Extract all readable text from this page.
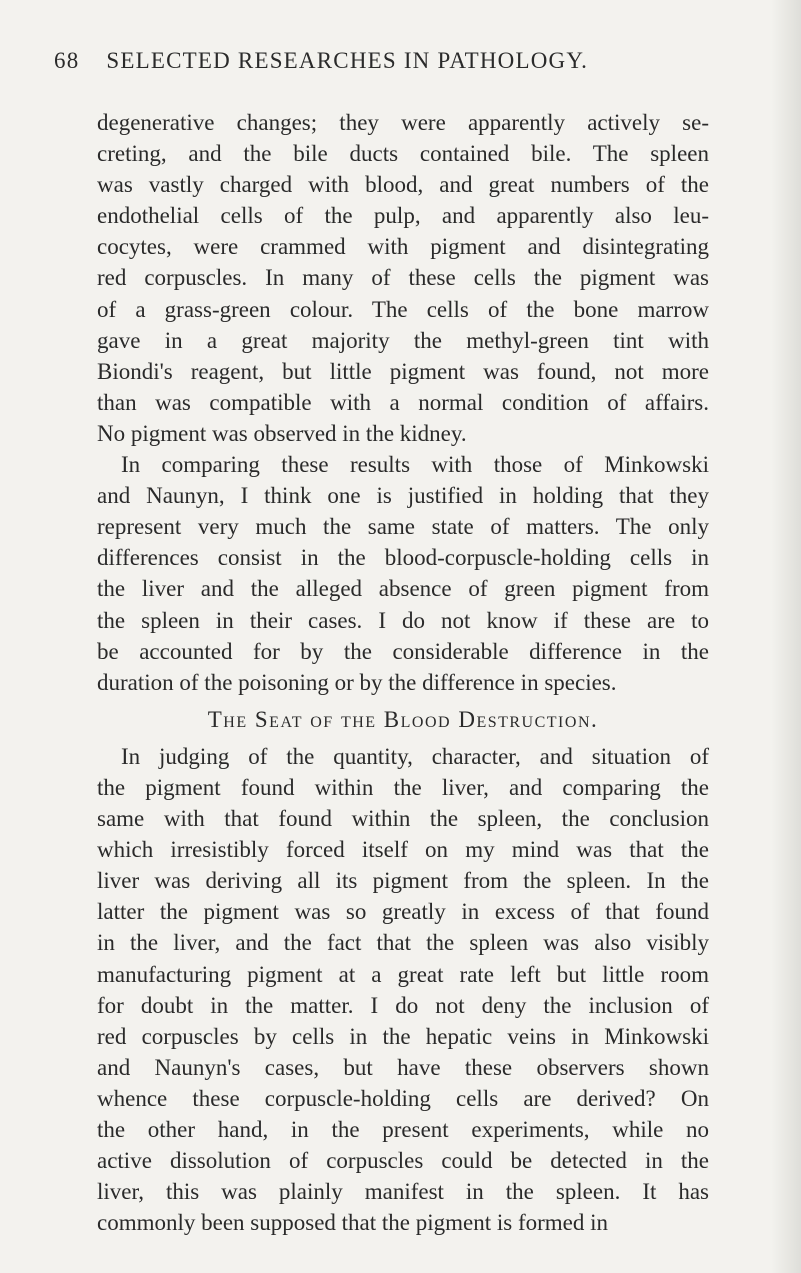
68 SELECTED RESEARCHES IN PATHOLOGY.
degenerative changes; they were apparently actively se-
creting, and the bile ducts contained bile. The spleen
was vastly charged with blood, and great numbers of the
endothelial cells of the pulp, and apparently also leu-
cocytes, were crammed with pigment and disintegrating
red corpuscles. In many of these cells the pigment was
of a grass-green colour. The cells of the bone marrow
gave in a great majority the methyl-green tint with
Biondi's reagent, but little pigment was found, not more
than was compatible with a normal condition of affairs.
No pigment was observed in the kidney.
In comparing these results with those of Minkowski
and Naunyn, I think one is justified in holding that they
represent very much the same state of matters. The only
differences consist in the blood-corpuscle-holding cells in
the liver and the alleged absence of green pigment from
the spleen in their cases. I do not know if these are to
be accounted for by the considerable difference in the
duration of the poisoning or by the difference in species.
The Seat of the Blood Destruction.
In judging of the quantity, character, and situation of
the pigment found within the liver, and comparing the
same with that found within the spleen, the conclusion
which irresistibly forced itself on my mind was that the
liver was deriving all its pigment from the spleen. In the
latter the pigment was so greatly in excess of that found
in the liver, and the fact that the spleen was also visibly
manufacturing pigment at a great rate left but little room
for doubt in the matter. I do not deny the inclusion of
red corpuscles by cells in the hepatic veins in Minkowski
and Naunyn's cases, but have these observers shown
whence these corpuscle-holding cells are derived? On
the other hand, in the present experiments, while no
active dissolution of corpuscles could be detected in the
liver, this was plainly manifest in the spleen. It has
commonly been supposed that the pigment is formed in
